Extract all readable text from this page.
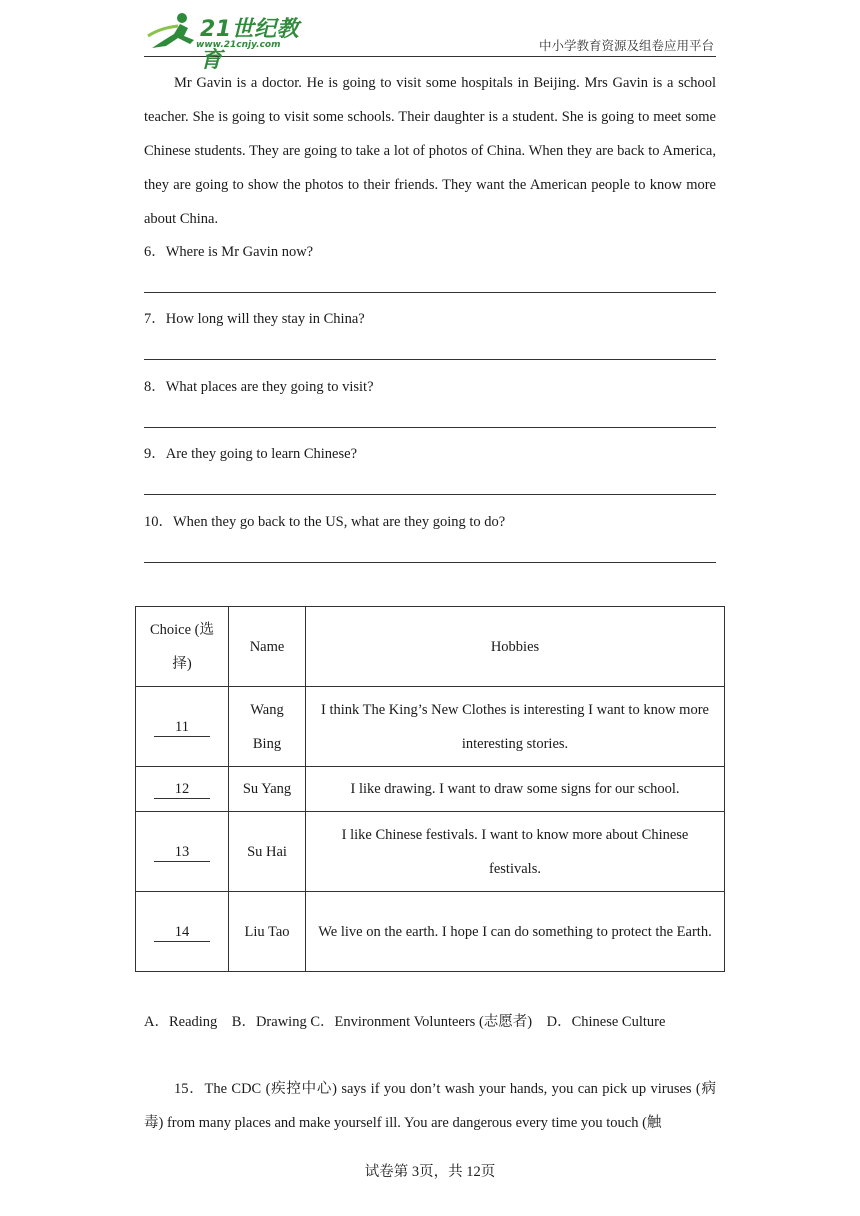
21世纪教育
www.21cnjy.com	中小学教育资源及组卷应用平台

Mr Gavin is a doctor. He is going to visit some hospitals in Beijing. Mrs Gavin is a school teacher. She is going to visit some schools. Their daughter is a student. She is going to meet some Chinese students. They are going to take a lot of photos of China. When they are back to America, they are going to show the photos to their friends. They want the American people to know more about China.

6．Where is Mr Gavin now?
7．How long will they stay in China?
8．What places are they going to visit?
9．Are they going to learn Chinese?
10．When they go back to the US, what are they going to do?
Choice (选择)	Name	Hobbies
11	Wang Bing	I think The King’s New Clothes is interesting I want to know more interesting stories.
12	Su Yang	I like drawing. I want to draw some signs for our school.
13	Su Hai	I like Chinese festivals. I want to know more about Chinese festivals.
14	Liu Tao	We live on the earth. I hope I can do something to protect the Earth.
A．Reading    B．Drawing C．Environment Volunteers (志愿者)    D．Chinese Culture

15．The CDC (疾控中心) says if you don’t wash your hands, you can pick up viruses (病毒) from many places and make yourself ill. You are dangerous every time you touch (触

试卷第 3页，共 12页
